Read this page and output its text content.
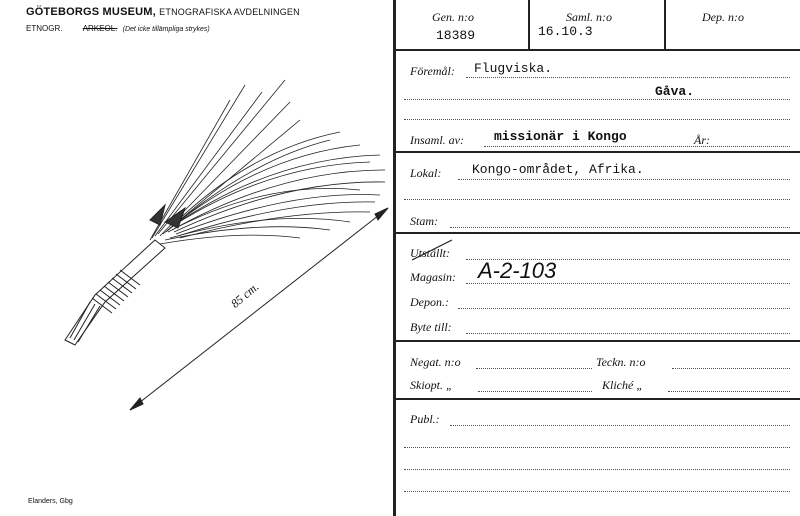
GÖTEBORGS MUSEUM, ETNOGRAFISKA AVDELNINGEN
ETNOGR.	ARKEOL. (Det icke tillämpliga strykes)
85 cm.
Elanders, Gbg
Gen. n:o
18389
Saml. n:o
16.10.3
Dep. n:o
Föremål: Flugviska.
Gåva.
Insaml. av: missionär i Kongo	År:
Lokal: Kongo-området, Afrika.
Stam:
Utställt:
Magasin: A-2-103
Depon.:
Byte till:
Negat. n:o	Teckn. n:o
Skiopt. „	Kliché „
Publ.:
